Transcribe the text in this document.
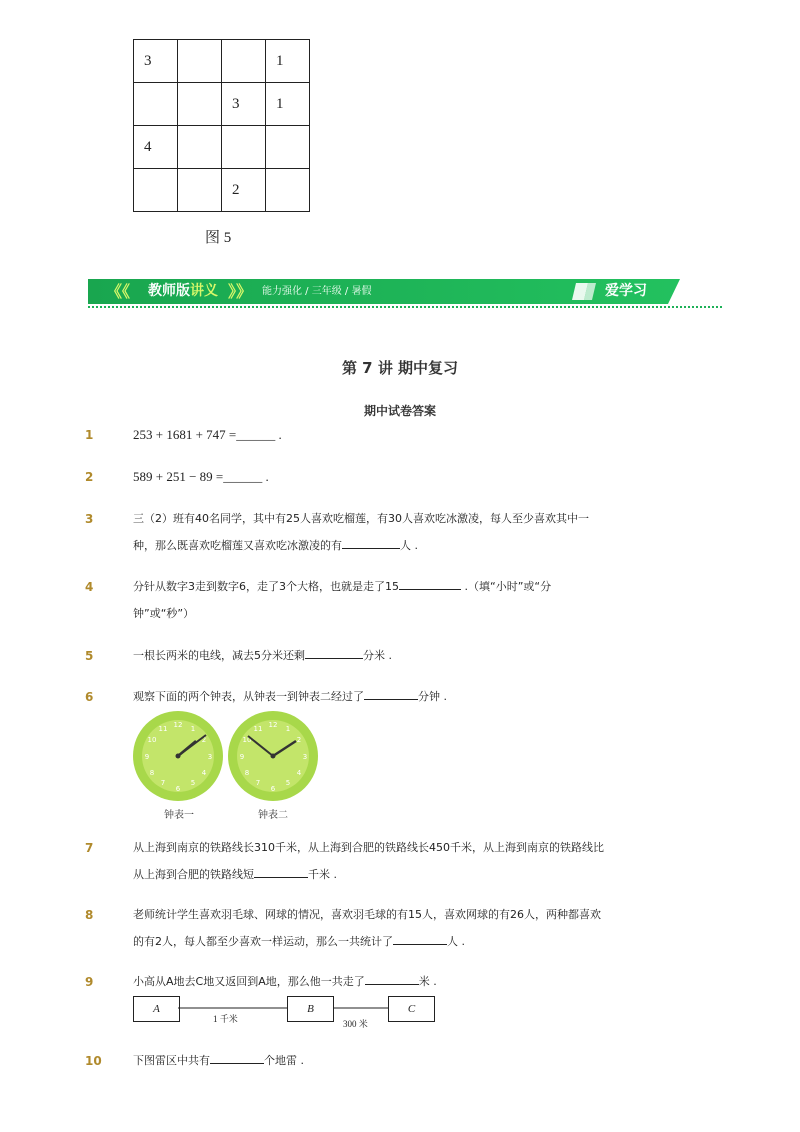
3			1
		3	1
4			
		2	
图 5
《《	》》
教师版讲义	能力强化 / 三年级 / 暑假	爱学习
第 7 讲 期中复习
期中试卷答案
1	253 + 1681 + 747 =______ .
2	589 + 251 − 89 =______ .
3	三（2）班有40名同学，其中有25人喜欢吃榴莲，有30人喜欢吃冰激凌，每人至少喜欢其中一
种，那么既喜欢吃榴莲又喜欢吃冰激凌的有	人 .
4	分针从数字3走到数字6，走了3个大格，也就是走了15	.（填“小时”或“分
钟”或“秒”）
5	一根长两米的电线，减去5分米还剩	分米 .
6	观察下面的两个钟表，从钟表一到钟表二经过了	分钟 .
12 1
2
3
4
5
6
7
8
9
10
11	12 1
2
3
4
5
6
7
8
9
10
11
钟表一	钟表二
7	从上海到南京的铁路线长310千米，从上海到合肥的铁路线长450千米，从上海到南京的铁路线比
从上海到合肥的铁路线短	千米 .
8	老师统计学生喜欢羽毛球、网球的情况，喜欢羽毛球的有15人，喜欢网球的有26人，两种都喜欢
的有2人，每人都至少喜欢一样运动，那么一共统计了	人 .
9	小高从A地去C地又返回到A地，那么他一共走了	米 .
A	B	C
1 千米	300 米
10	下图雷区中共有	个地雷 .
